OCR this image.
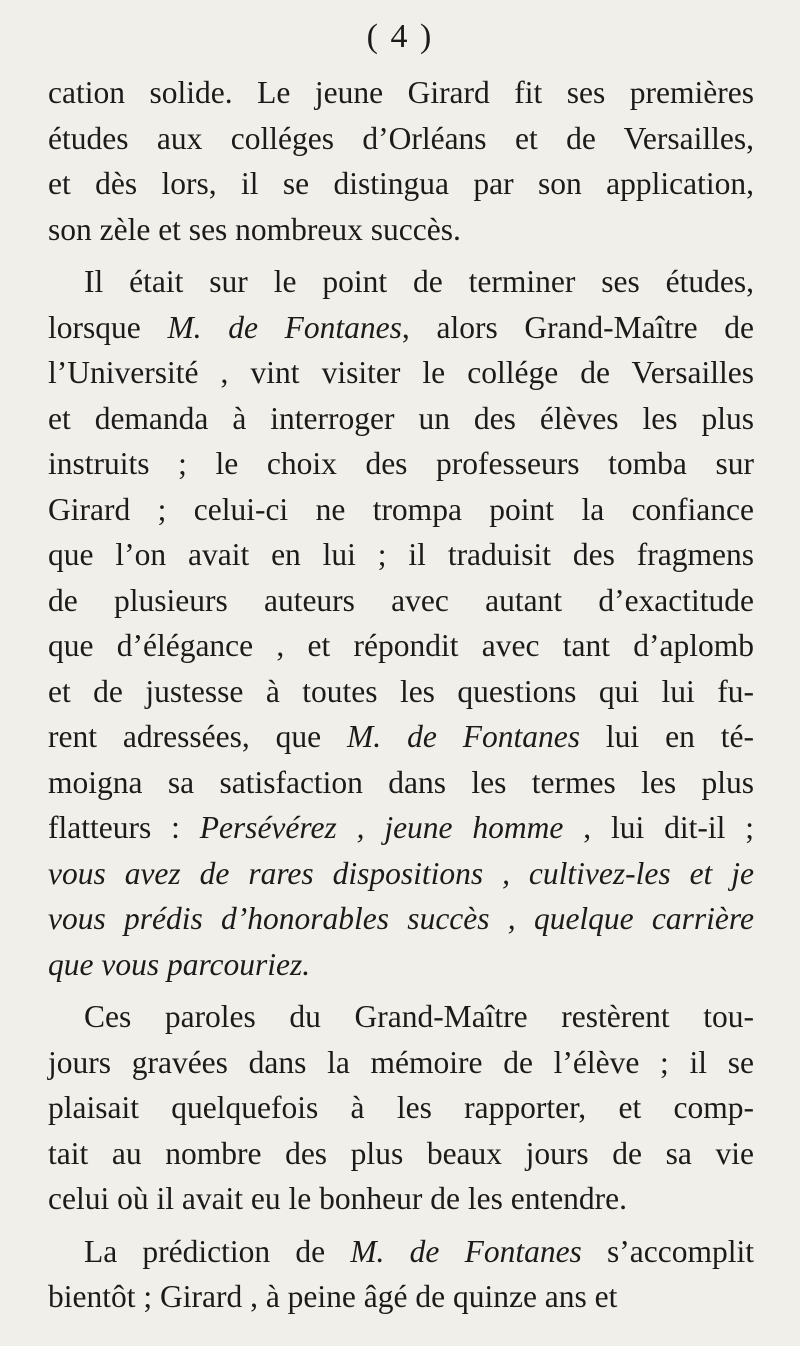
( 4 )
cation solide. Le jeune Girard fit ses premières
études aux colléges d’Orléans et de Versailles,
et dès lors, il se distingua par son application,
son zèle et ses nombreux succès.
Il était sur le point de terminer ses études,
lorsque M. de Fontanes, alors Grand-Maître de
l’Université , vint visiter le collége de Versailles
et demanda à interroger un des élèves les plus
instruits ; le choix des professeurs tomba sur
Girard ; celui-ci ne trompa point la confiance
que l’on avait en lui ; il traduisit des fragmens
de plusieurs auteurs avec autant d’exactitude
que d’élégance , et répondit avec tant d’aplomb
et de justesse à toutes les questions qui lui fu-
rent adressées, que M. de Fontanes lui en té-
moigna sa satisfaction dans les termes les plus
flatteurs : Persévérez , jeune homme , lui dit-il ;
vous avez de rares dispositions , cultivez-les et je
vous prédis d’honorables succès , quelque carrière
que vous parcouriez.
Ces paroles du Grand-Maître restèrent tou-
jours gravées dans la mémoire de l’élève ; il se
plaisait quelquefois à les rapporter, et comp-
tait au nombre des plus beaux jours de sa vie
celui où il avait eu le bonheur de les entendre.
La prédiction de M. de Fontanes s’accomplit
bientôt ; Girard , à peine âgé de quinze ans et
